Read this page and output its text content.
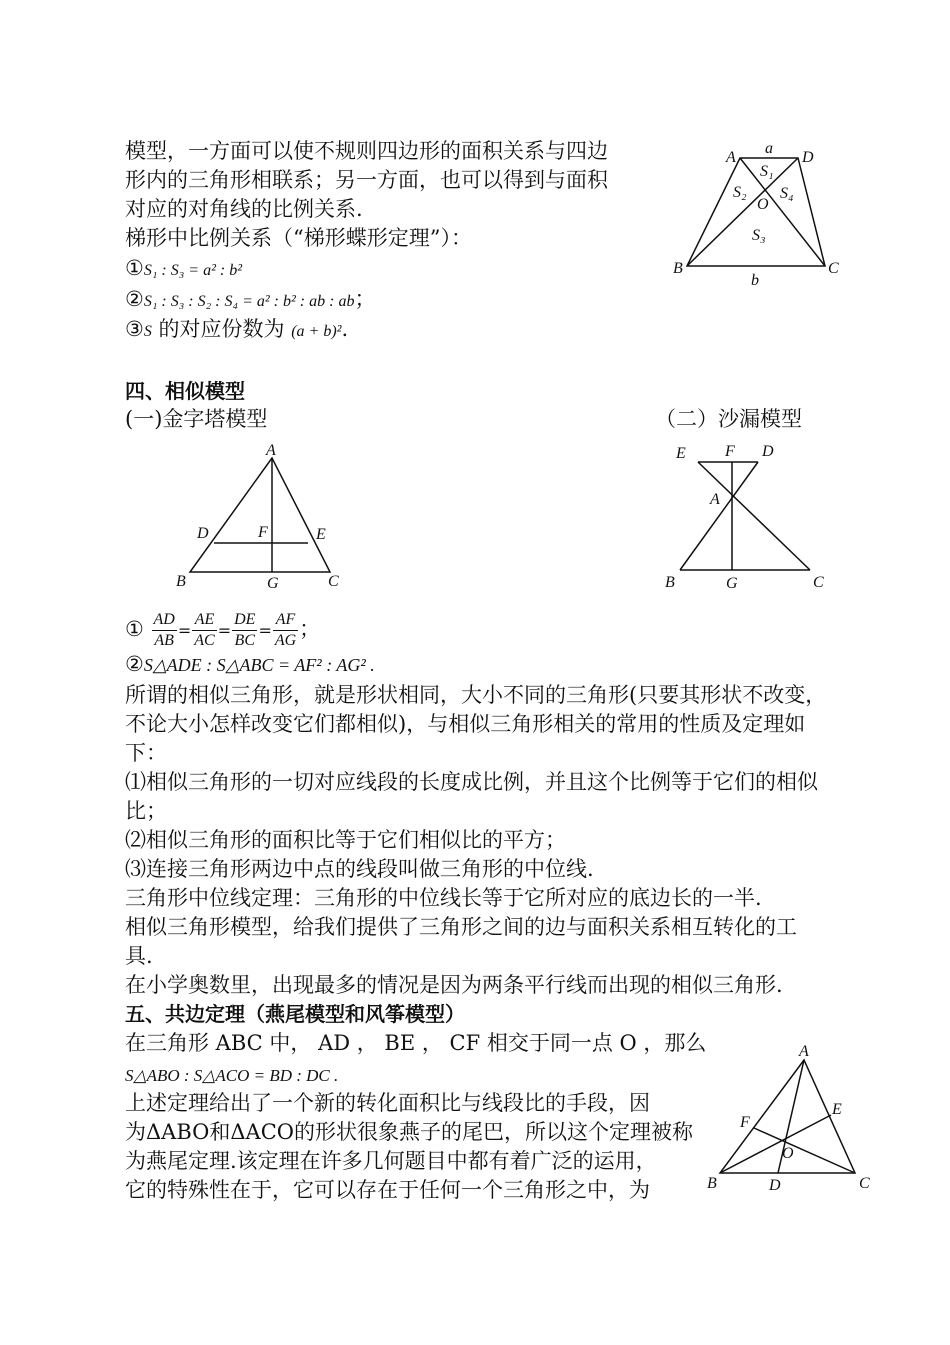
模型，一方面可以使不规则四边形的面积关系与四边
形内的三角形相联系；另一方面，也可以得到与面积
对应的对角线的比例关系.
梯形中比例关系（“梯形蝶形定理”）：
①S₁ : S₃ = a² : b²
②S₁ : S₃ : S₂ : S₄ = a² : b² : ab : ab；
③S 的对应份数为 (a + b)².
A	D
B	C
O
a
b
S₁
S₂
S₃
S₄
四、相似模型
(一)金字塔模型	（二）沙漏模型
A
D	F	E
B	G	C
E F D
A
B	G	C
① $\frac{AD}{AB} = \frac{AE}{AC} = \frac{DE}{BC} = \frac{AF}{AG}$ ；
②S△ADE : S△ABC = AF² : AG² .
所谓的相似三角形，就是形状相同，大小不同的三角形(只要其形状不改变，
不论大小怎样改变它们都相似)，与相似三角形相关的常用的性质及定理如
下：
⑴相似三角形的一切对应线段的长度成比例，并且这个比例等于它们的相似
比；
⑵相似三角形的面积比等于它们相似比的平方；
⑶连接三角形两边中点的线段叫做三角形的中位线.
三角形中位线定理：三角形的中位线长等于它所对应的底边长的一半.
相似三角形模型，给我们提供了三角形之间的边与面积关系相互转化的工
具.
在小学奥数里，出现最多的情况是因为两条平行线而出现的相似三角形.
五、共边定理（燕尾模型和风筝模型）
在三角形 ABC 中， AD ， BE ， CF 相交于同一点 O ，那么
S△ABO : S△ACO = BD : DC .
上述定理给出了一个新的转化面积比与线段比的手段，因
为ΔABO和ΔACO的形状很象燕子的尾巴，所以这个定理被称
为燕尾定理.该定理在许多几何题目中都有着广泛的运用，
它的特殊性在于，它可以存在于任何一个三角形之中，为
A
F
E
O
B	D	C
